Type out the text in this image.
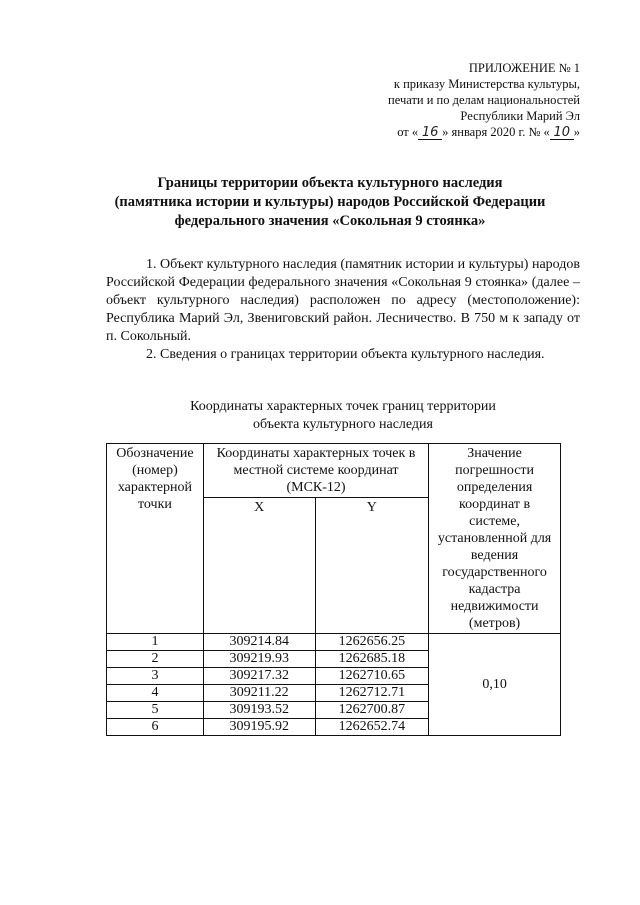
ПРИЛОЖЕНИЕ № 1
к приказу Министерства культуры,
печати и по делам национальностей
Республики Марий Эл
от « 16 » января 2020 г. № « 10 »
Границы территории объекта культурного наследия
(памятника истории и культуры) народов Российской Федерации
федерального значения «Сокольная 9 стоянка»

1. Объект культурного наследия (памятник истории и культуры) народов Российской Федерации федерального значения «Сокольная 9 стоянка» (далее – объект культурного наследия) расположен по адресу (местоположение): Республика Марий Эл, Звениговский район. Лесничество. В 750 м к западу от п. Сокольный.

2. Сведения о границах территории объекта культурного наследия.

Координаты характерных точек границ территории
объекта культурного наследия
Обозначение (номер) характерной точки	Координаты характерных точек в местной системе координат (МСК-12)		Значение погрешности определения координат в системе, установленной для ведения государственного кадастра недвижимости (метров)
	X	Y	
1	309214.84	1262656.25	0,10
2	309219.93	1262685.18	
3	309217.32	1262710.65	
4	309211.22	1262712.71	
5	309193.52	1262700.87	
6	309195.92	1262652.74	
